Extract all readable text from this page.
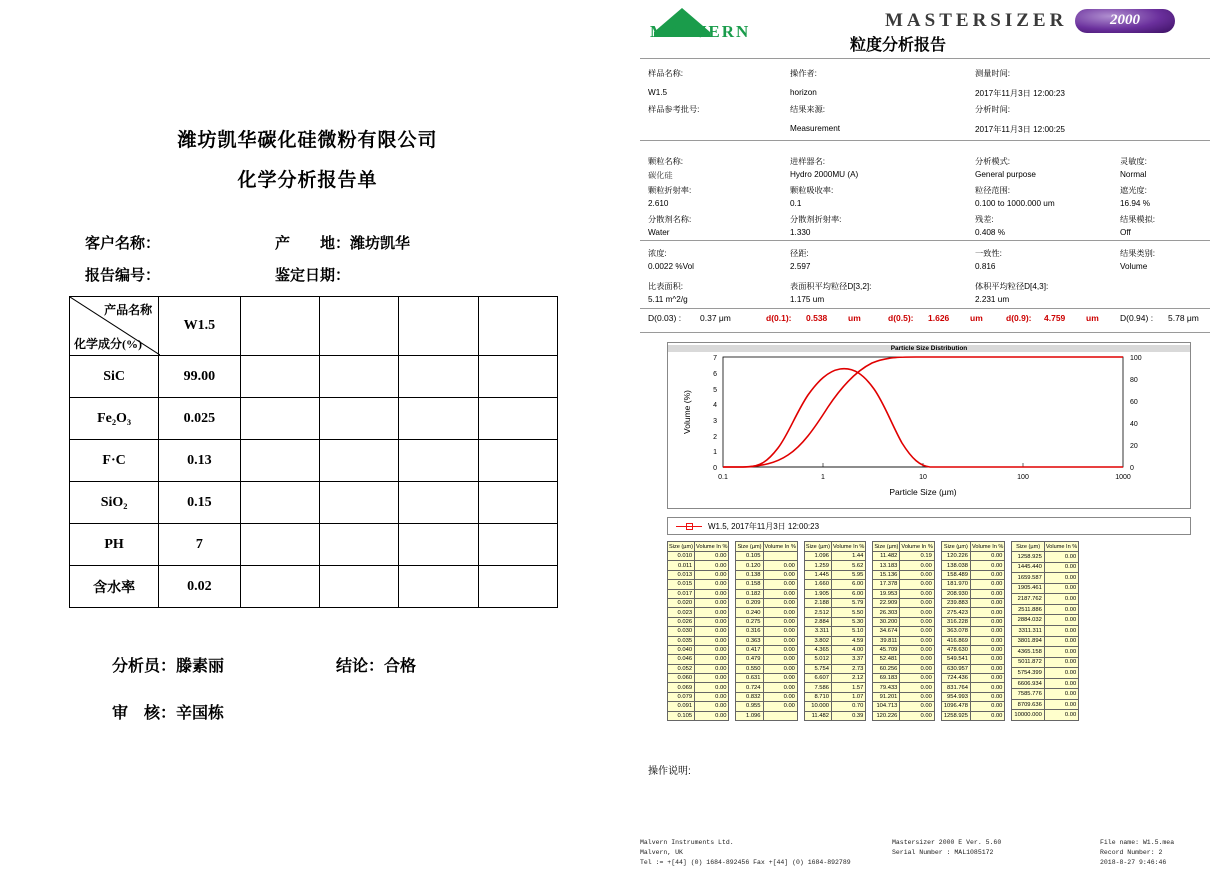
潍坊凯华碳化硅微粉有限公司
化学分析报告单
客户名称：	产　　地：潍坊凯华
报告编号：	鉴定日期：
产品名称
化学成分(%)	W1.5				
SiC	99.00				
Fe₂O₃	0.025				
F·C	0.13				
SiO₂	0.15				
PH	7				
含水率	0.02				
分析员：滕素丽	结论：合格
审　核：辛国栋
MALVERN
MASTERSIZER	2000
粒度分析报告
样品名称:
W1.5
样品参考批号:
操作者:
horizon
结果来源:
Measurement
测量时间:
2017年11月3日 12:00:23
分析时间:
2017年11月3日 12:00:25
颗粒名称:
碳化硅
颗粒折射率:
2.610
分散剂名称:
Water
进样器名:
Hydro 2000MU (A)
颗粒吸收率:
0.1
分散剂折射率:
1.330
分析模式:
General purpose
粒径范围:
0.100 to 1000.000 um
残差:
0.408 %
灵敏度:
Normal
遮光度:
16.94 %
结果模拟:
Off
浓度:
0.0022 %Vol
比表面积:
5.11 m^2/g
径距:
2.597
表面积平均粒径D[3,2]:
1.175 um
一致性:
0.816
体积平均粒径D[4,3]:
2.231 um
结果类别:
Volume
D(0.03) : 0.37 μm	d(0.1): 0.538 um	d(0.5): 1.626 um	d(0.9): 4.759 um	D(0.94) : 5.78 μm
Particle Size Distribution
7
6
5
4
3
2
1
0
100
80
60
40
20
0
0.1	1	10	100	1000
Particle Size (µm)
Volume (%)
W1.5, 2017年11月3日 12:00:23
Size (µm)	Volume In %
0.010	0.00
0.011	0.00
0.013	0.00
0.015	0.00
0.017	0.00
0.020	0.00
0.023	0.00
0.026	0.00
0.030	0.00
0.035	0.00
0.040	0.00
0.046	0.00
0.052	0.00
0.060	0.00
0.069	0.00
0.079	0.00
0.091	0.00
0.105	0.00
Size (µm)	Volume In %
0.105	
0.120	0.00
0.138	0.00
0.158	0.00
0.182	0.00
0.209	0.00
0.240	0.00
0.275	0.00
0.316	0.00
0.363	0.00
0.417	0.00
0.479	0.00
0.550	0.00
0.631	0.00
0.724	0.00
0.832	0.00
0.955	0.00
1.096	
Size (µm)	Volume In %
1.096	1.44
1.259	5.62
1.445	5.95
1.660	6.00
1.905	6.00
2.188	5.79
2.512	5.50
2.884	5.30
3.311	5.10
3.802	4.59
4.365	4.00
5.012	3.37
5.754	2.73
6.607	2.12
7.586	1.57
8.710	1.07
10.000	0.70
11.482	0.39
Size (µm)	Volume In %
11.482	0.19
13.183	0.00
15.136	0.00
17.378	0.00
19.953	0.00
22.909	0.00
26.303	0.00
30.200	0.00
34.674	0.00
39.811	0.00
45.709	0.00
52.481	0.00
60.256	0.00
69.183	0.00
79.433	0.00
91.201	0.00
104.713	0.00
120.226	0.00
Size (µm)	Volume In %
120.226	0.00
138.038	0.00
158.489	0.00
181.970	0.00
208.930	0.00
239.883	0.00
275.423	0.00
316.228	0.00
363.078	0.00
416.869	0.00
478.630	0.00
549.541	0.00
630.957	0.00
724.436	0.00
831.764	0.00
954.993	0.00
1096.478	0.00
1258.925	0.00
Size (µm)	Volume In %
1258.925	0.00
1445.440	0.00
1659.587	0.00
1905.461	0.00
2187.762	0.00
2511.886	0.00
2884.032	0.00
3311.311	0.00
3801.894	0.00
4365.158	0.00
5011.872	0.00
5754.399	0.00
6606.934	0.00
7585.776	0.00
8709.636	0.00
10000.000	0.00
操作说明:
Malvern Instruments Ltd.
Malvern, UK
Tel := +[44] (0) 1684-892456 Fax +[44] (0) 1684-892789
Mastersizer 2000 E Ver. 5.60
Serial Number : MAL1085172
File name: W1.5.mea
Record Number: 2
2018-8-27 9:46:46
